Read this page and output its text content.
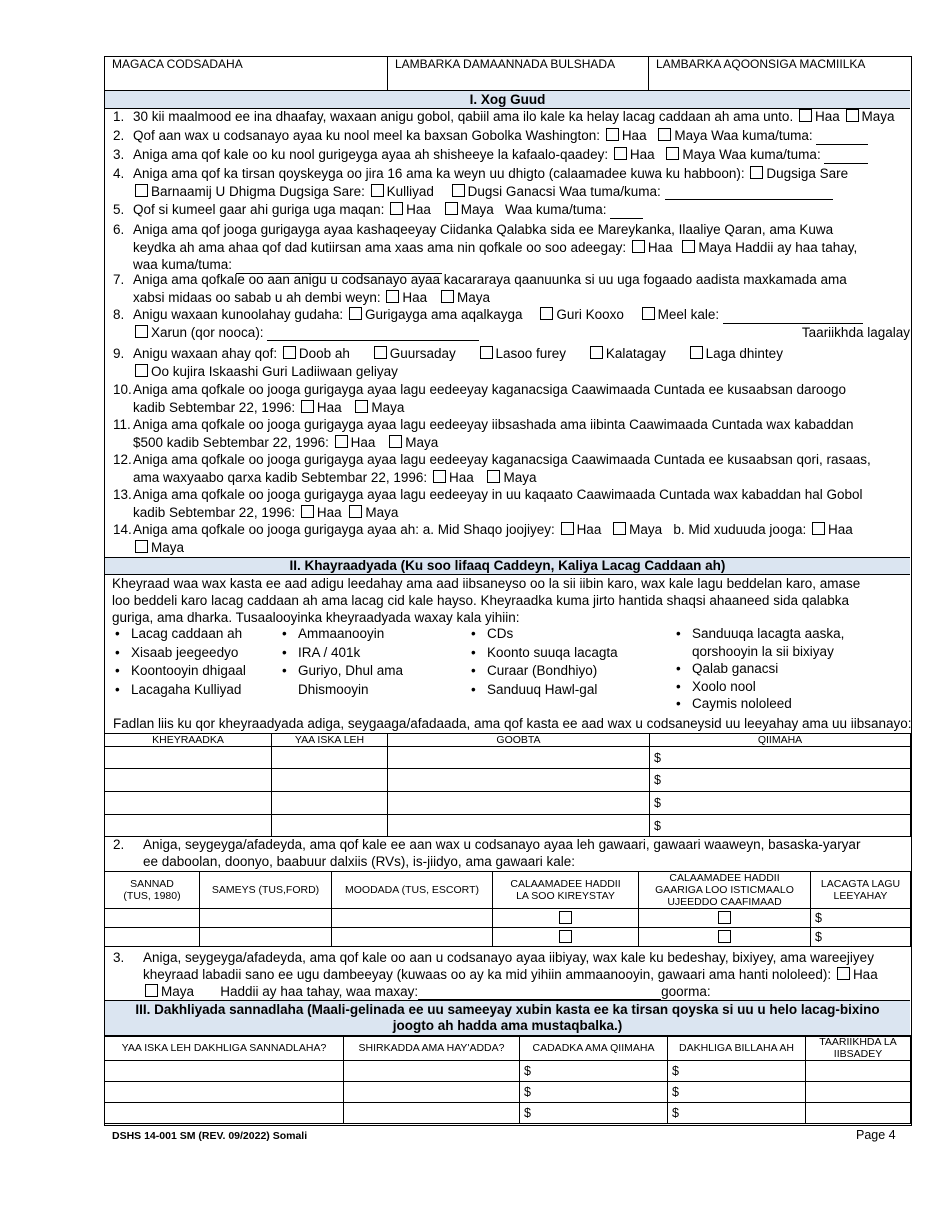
MAGACA CODSADAHA	LAMBARKA DAMAANNADA BULSHADA	LAMBARKA AQOONSIGA MACMIILKA
I. Xog Guud
1. 30 kii maalmood ee ina dhaafay, waxaan anigu gobol, qabiil ama ilo kale ka helay lacag caddaan ah ama unto. Haa Maya
2. Qof aan wax u codsanayo ayaa ku nool meel ka baxsan Gobolka Washington: Haa Maya Waa kuma/tuma:
3. Aniga ama qof kale oo ku nool gurigeyga ayaa ah shisheeye la kafaalo-qaadey: Haa Maya Waa kuma/tuma:
4. Aniga ama qof ka tirsan qoyskeyga oo jira 16 ama ka weyn uu dhigto (calaamadee kuwa ku habboon): Dugsiga Sare
Barnaamij U Dhigma Dugsiga Sare: Kulliyad	Dugsi Ganacsi Waa tuma/kuma:
5. Qof si kumeel gaar ahi guriga uga maqan: Haa Maya Waa kuma/tuma:
6. Aniga ama qof jooga gurigayga ayaa kashaqeeyay Ciidanka Qalabka sida ee Mareykanka, Ilaaliye Qaran, ama Kuwa
keydka ah ama ahaa qof dad kutiirsan ama xaas ama nin qofkale oo soo adeegay: Haa Maya Haddii ay haa tahay,
waa kuma/tuma:
7. Aniga ama qofkale oo aan anigu u codsanayo ayaa kacararaya qaanuunka si uu uga fogaado aadista maxkamada ama
xabsi midaas oo sabab u ah dembi weyn: Haa Maya
8. Anigu waxaan kunoolahay gudaha: Gurigayga ama aqalkayga	Guri Kooxo	Meel kale:
Xarun (qor nooca):	Taariikhda lagalay
9. Anigu waxaan ahay qof: Doob ah	Guursaday	Lasoo furey	Kalatagay	Laga dhintey
Oo kujira Iskaashi Guri Ladiiwaan geliyay
10.Aniga ama qofkale oo jooga gurigayga ayaa lagu eedeeyay kaganacsiga Caawimaada Cuntada ee kusaabsan daroogo
kadib Sebtembar 22, 1996: Haa Maya
11. Aniga ama qofkale oo jooga gurigayga ayaa lagu eedeeyay iibsashada ama iibinta Caawimaada Cuntada wax kabaddan
$500 kadib Sebtembar 22, 1996: Haa Maya
12.Aniga ama qofkale oo jooga gurigayga ayaa lagu eedeeyay kaganacsiga Caawimaada Cuntada ee kusaabsan qori, rasaas,
ama waxyaabo qarxa kadib Sebtembar 22, 1996: Haa Maya
13.Aniga ama qofkale oo jooga gurigayga ayaa lagu eedeeyay in uu kaqaato Caawimaada Cuntada wax kabaddan hal Gobol
kadib Sebtembar 22, 1996: Haa Maya
14.Aniga ama qofkale oo jooga gurigayga ayaa ah: a. Mid Shaqo joojiyey: Haa Maya b. Mid xuduuda jooga: Haa
Maya
II. Khayraadyada (Ku soo lifaaq Caddeyn, Kaliya Lacag Caddaan ah)
Kheyraad waa wax kasta ee aad adigu leedahay ama aad iibsaneyso oo la sii iibin karo, wax kale lagu beddelan karo, amase
loo beddeli karo lacag caddaan ah ama lacag cid kale hayso. Kheyraadka kuma jirto hantida shaqsi ahaaneed sida qalabka
guriga, ama dharka. Tusaalooyinka kheyraadyada waxay kala yihiin:
• Lacag caddaan ah
• Xisaab jeegeedyo
• Koontooyin dhigaal
• Lacagaha Kulliyad
• Ammaanooyin
• IRA / 401k
• Guriyo, Dhul ama
Dhismooyin
• CDs
• Koonto suuqa lacagta
• Curaar (Bondhiyo)
• Sanduuq Hawl-gal
• Sanduuqa lacagta aaska,
qorshooyin la sii bixiyay
• Qalab ganacsi
• Xoolo nool
• Caymis nololeed
Fadlan liis ku qor kheyraadyada adiga, seygaaga/afadaada, ama qof kasta ee aad wax u codsaneysid uu leeyahay ama uu iibsanayo:
KHEYRAADKA	YAA ISKA LEH	GOOBTA	QIIMAHA
			$
			$
			$
			$
2. Aniga, seygeyga/afadeyda, ama qof kale ee aan wax u codsanayo ayaa leh gawaari, gawaari waaweyn, basaska-yaryar
ee daboolan, doonyo, baabuur dalxiis (RVs), is-jiidyo, ama gawaari kale:
SANNAD
(TUS, 1980)	SAMEYS (TUS,FORD)	MOODADA (TUS, ESCORT)	CALAAMADEE HADDII
LA SOO KIREYSTAY	CALAAMADEE HADDII
GAARIGA LOO ISTICMAALO
UJEEDDO CAAFIMAAD	LACAGTA LAGU
LEEYAHAY
					$
					$
3. Aniga, seygeyga/afadeyda, ama qof kale oo aan u codsanayo ayaa iibiyay, wax kale ku bedeshay, bixiyey, ama wareejiyey
kheyraad labadii sano ee ugu dambeeyay (kuwaas oo ay ka mid yihiin ammaanooyin, gawaari ama hanti nololeed): Haa
Maya Haddii ay haa tahay, waa maxay:	goorma:
III. Dakhliyada sannadlaha (Maali-gelinada ee uu sameeyay xubin kasta ee ka tirsan qoyska si uu u helo lacag-bixino
joogto ah hadda ama mustaqbalka.)
YAA ISKA LEH DAKHLIGA SANNADLAHA?	SHIRKADDA AMA HAY'ADDA?	CADADKA AMA QIIMAHA	DAKHLIGA BILLAHA AH	TAARIIKHDA LA
IIBSADEY
		$	$	
		$	$	
		$	$	
DSHS 14-001 SM (REV. 09/2022) Somali	Page 4
